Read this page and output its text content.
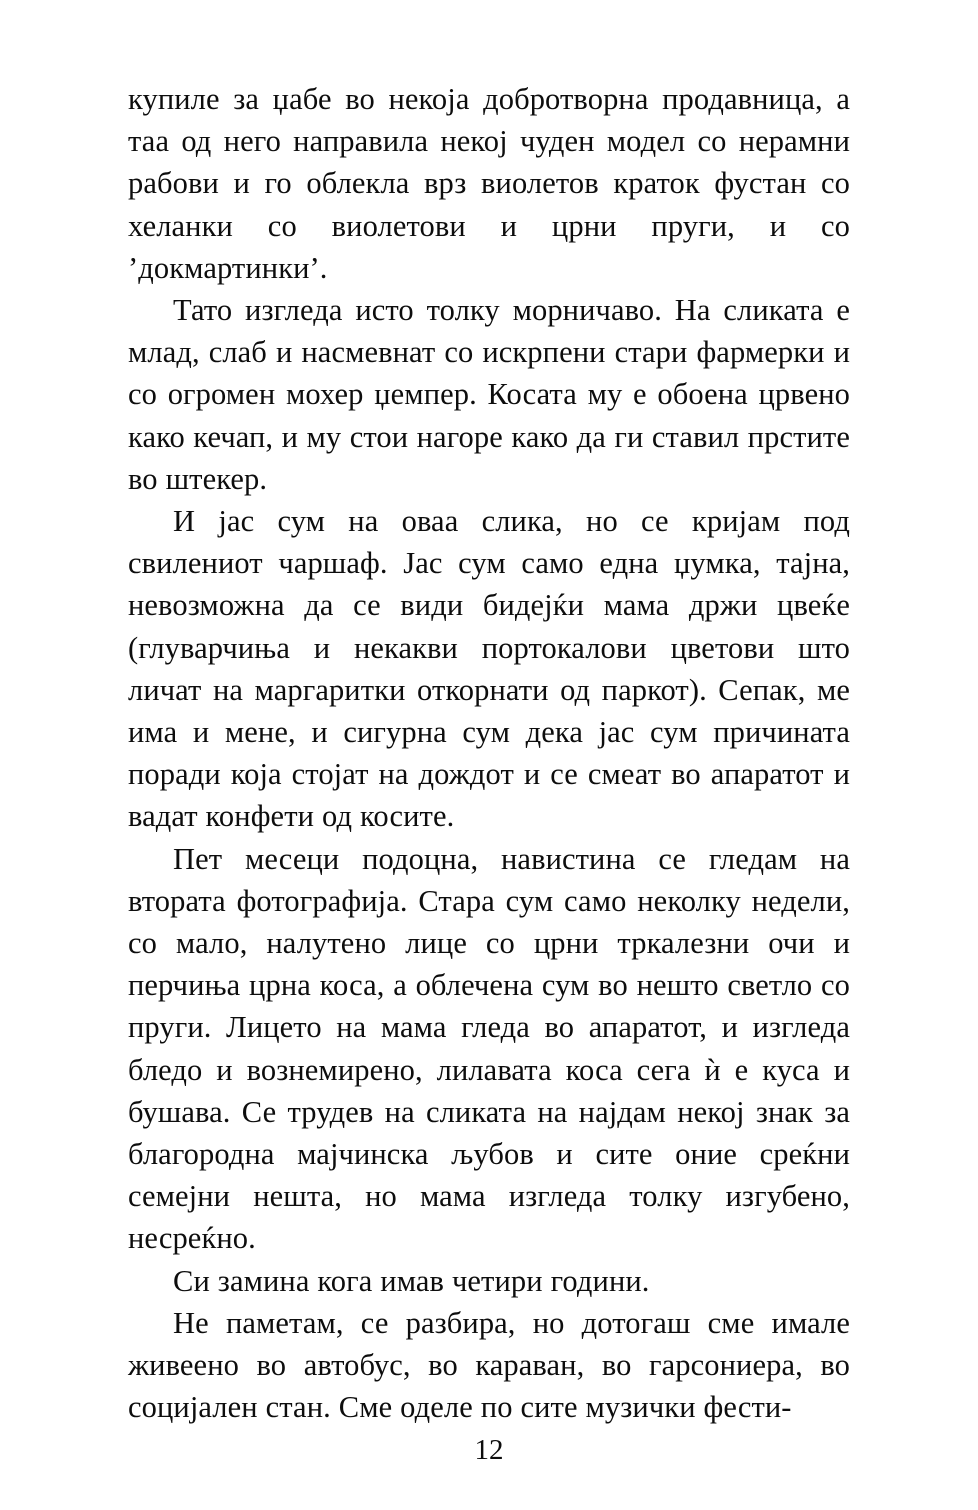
купиле за џабе во некоја добротворна продавница, а таа од него направила некој чуден модел со нерамни рабови и го облекла врз виолетов краток фустан со хеланки со виолетови и црни пруги, и со ’докмартинки’.

Тато изгледа исто толку морничаво. На сликата е млад, слаб и насмевнат со искрпени стари фармерки и со огромен мохер џемпер. Косата му е обоена црвено како кечап, и му стои нагоре како да ги ставил прстите во штекер.

И јас сум на оваа слика, но се кријам под свилениот чаршаф. Јас сум само една џумка, тајна, невозможна да се види бидејќи мама држи цвеќе (глуварчиња и некакви портокалови цветови што личат на маргаритки откорнати од паркот). Сепак, ме има и мене, и сигурна сум дека јас сум причината поради која стојат на дождот и се смеат во апаратот и вадат конфети од косите.

Пет месеци подоцна, навистина се гледам на втората фотографија. Стара сум само неколку недели, со мало, налутено лице со црни тркалезни очи и перчиња црна коса, а облечена сум во нешто светло со пруги. Лицето на мама гледа во апаратот, и изгледа бледо и вознемирено, лилавата коса сега ѝ е куса и бушава. Се трудев на сликата на најдам некој знак за благородна мајчинска љубов и сите оние среќни семејни нешта, но мама изгледа толку изгубено, несреќно.

Си замина кога имав четири години.

Не паметам, се разбира, но дотогаш сме имале живеено во автобус, во караван, во гарсониера, во социјален стан. Сме оделе по сите музички фести-

12
